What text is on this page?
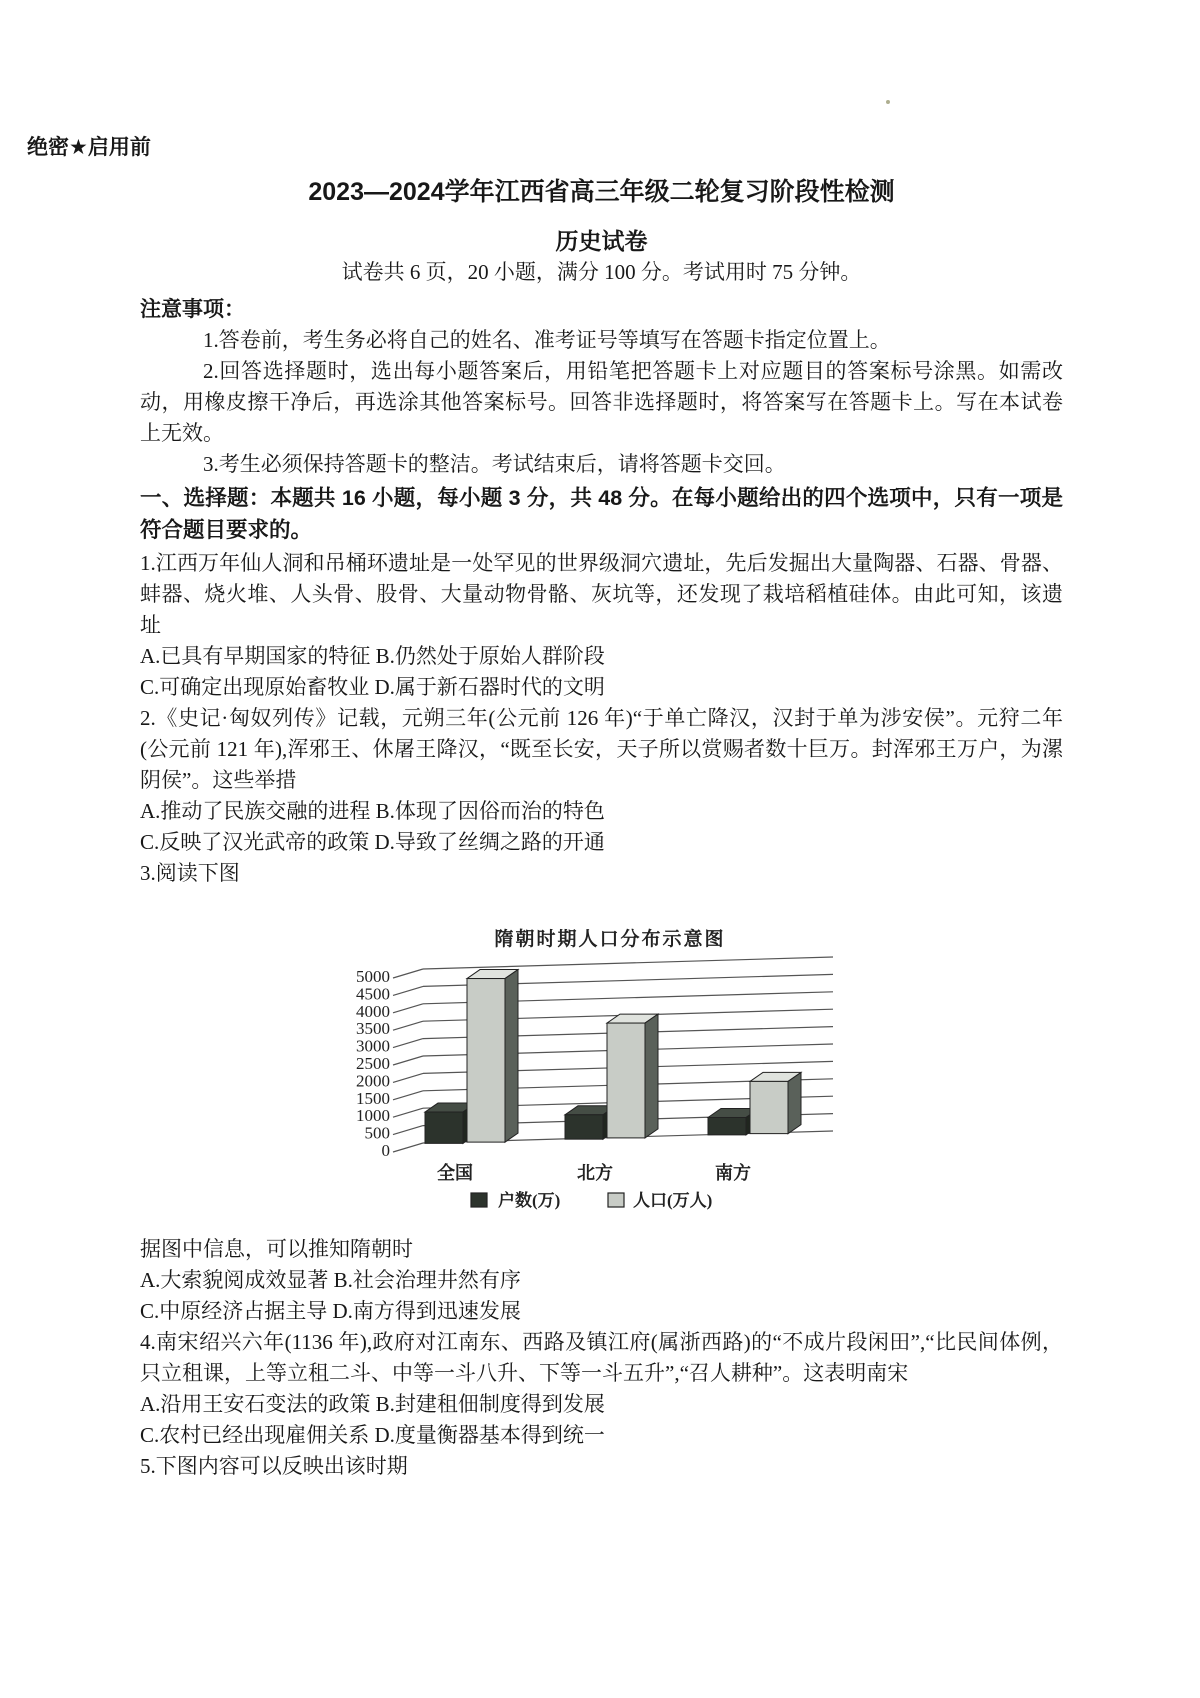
绝密★启用前
2023—2024学年江西省高三年级二轮复习阶段性检测
历史试卷

试卷共 6 页，20 小题，满分 100 分。考试用时 75 分钟。

注意事项：

1.答卷前，考生务必将自己的姓名、准考证号等填写在答题卡指定位置上。

2.回答选择题时，选出每小题答案后，用铅笔把答题卡上对应题目的答案标号涂黑。如需改动，用橡皮擦干净后，再选涂其他答案标号。回答非选择题时，将答案写在答题卡上。写在本试卷上无效。

3.考生必须保持答题卡的整洁。考试结束后，请将答题卡交回。

一、选择题：本题共 16 小题，每小题 3 分，共 48 分。在每小题给出的四个选项中，只有一项是符合题目要求的。

1.江西万年仙人洞和吊桶环遗址是一处罕见的世界级洞穴遗址，先后发掘出大量陶器、石器、骨器、蚌器、烧火堆、人头骨、股骨、大量动物骨骼、灰坑等，还发现了栽培稻植硅体。由此可知，该遗址

A.已具有早期国家的特征 B.仍然处于原始人群阶段

C.可确定出现原始畜牧业 D.属于新石器时代的文明

2.《史记·匈奴列传》记载，元朔三年(公元前 126 年)“于单亡降汉，汉封于单为涉安侯”。元狩二年(公元前 121 年),浑邪王、休屠王降汉，“既至长安，天子所以赏赐者数十巨万。封浑邪王万户，为漯阴侯”。这些举措

A.推动了民族交融的进程 B.体现了因俗而治的特色

C.反映了汉光武帝的政策 D.导致了丝绸之路的开通

3.阅读下图

隋朝时期人口分布示意图
0
500
1000
1500
2000
2500
3000
3500
4000
4500
5000
全国	北方	南方
户数(万)	人口(万人)

据图中信息，可以推知隋朝时

A.大索貌阅成效显著 B.社会治理井然有序

C.中原经济占据主导 D.南方得到迅速发展

4.南宋绍兴六年(1136 年),政府对江南东、西路及镇江府(属浙西路)的“不成片段闲田”,“比民间体例，只立租课，上等立租二斗、中等一斗八升、下等一斗五升”,“召人耕种”。这表明南宋

A.沿用王安石变法的政策 B.封建租佃制度得到发展

C.农村已经出现雇佣关系 D.度量衡器基本得到统一

5.下图内容可以反映出该时期
